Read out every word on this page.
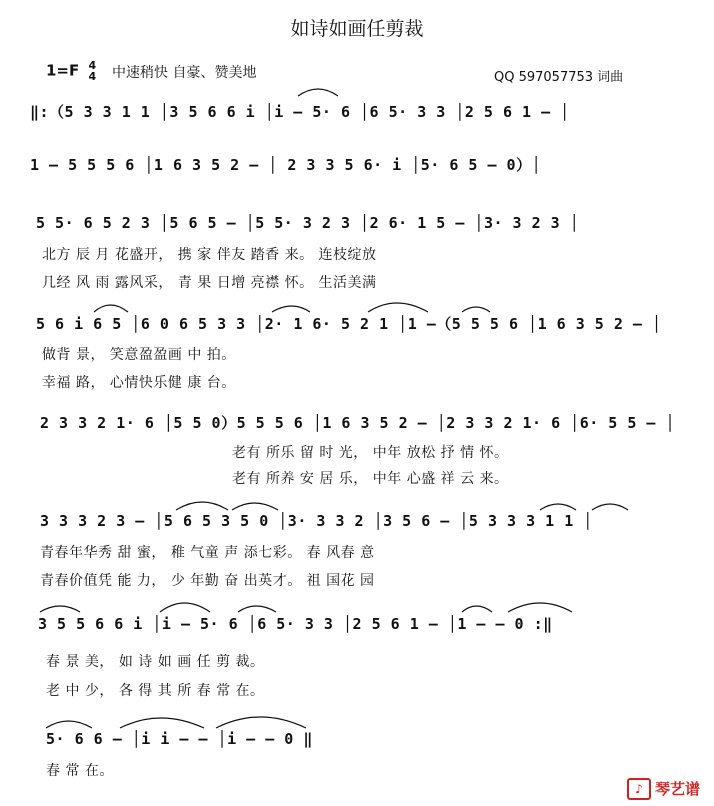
如诗如画任剪裁
1=F 4
4 中速稍快 自豪、赞美地	QQ 597057753 词曲
‖:（5 3 3 1 1 │3 5 6 6 i │i – 5· 6 │6 5· 3 3 │2 5 6 1 – │
1 – 5 5 5 6 │1 6 3 5 2 – │ 2 3 3 5 6· i │5· 6 5 – 0）│
5 5· 6 5 2 3 │5 6 5 – │5 5· 3 2 3 │2 6· 1 5 – │3· 3 2 3 │
北方 辰 月 花盛开， 携 家 伴友 踏香 来。 连枝绽放
几经 风 雨 露风采， 青 果 日增 亮襟 怀。 生活美满
5 6 i 6 5 │6 0 6 5 3 3 │2· 1 6· 5 2 1 │1 –（5 5 5 6 │1 6 3 5 2 – │
做背 景， 笑意盈盈画 中 拍。
幸福 路， 心情快乐健 康 台。
2 3 3 2 1· 6 │5 5 0）5 5 5 6 │1 6 3 5 2 – │2 3 3 2 1· 6 │6· 5 5 – │
老有 所乐 留 时 光， 中年 放松 抒 情 怀。
老有 所养 安 居 乐， 中年 心盛 祥 云 来。
3 3 3 2 3 – │5 6 5 3 5 0 │3· 3 3 2 │3 5 6 – │5 3 3 3 1 1 │
青春年华秀 甜 蜜， 稚 气童 声 添七彩。 春 风春 意
青春价值凭 能 力， 少 年勤 奋 出英才。 祖 国花 园
3 5 5 6 6 i │i – 5· 6 │6 5· 3 3 │2 5 6 1 – │1 – – 0 :‖
春 景 美， 如 诗 如 画 任 剪 裁。
老 中 少， 各 得 其 所 春 常 在。
5· 6 6 – │i i – – │i – – 0 ‖
春 常 在。
♪ 琴艺谱
